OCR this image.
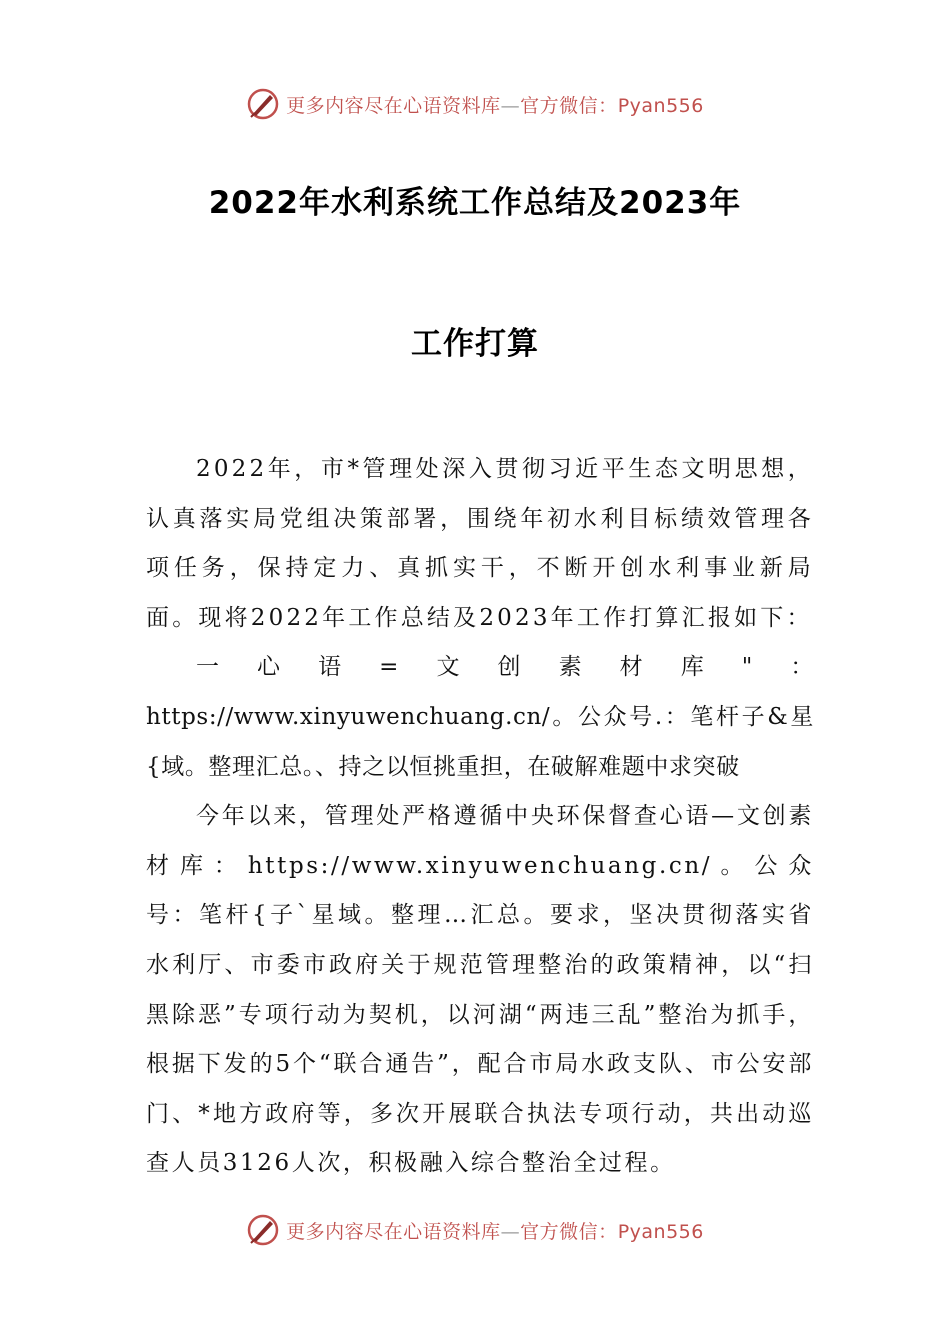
更多内容尽在心语资料库—官方微信：Pyan556
2022年水利系统工作总结及2023年
工作打算

2022年，市*管理处深入贯彻习近平生态文明思想，认真落实局党组决策部署，围绕年初水利目标绩效管理各项任务，保持定力、真抓实干，不断开创水利事业新局面。现将2022年工作总结及2023年工作打算汇报如下：

一心语=文创素材库"：https://www.xinyuwenchuang.cn/。公众号.：笔杆子&星{域。整理汇总。、持之以恒挑重担，在破解难题中求突破

今年以来，管理处严格遵循中央环保督查心语—文创素材库：https://www.xinyuwenchuang.cn/。公众号：笔杆{子`星域。整理…汇总。要求，坚决贯彻落实省水利厅、市委市政府关于规范管理整治的政策精神，以“扫黑除恶”专项行动为契机，以河湖“两违三乱”整治为抓手，根据下发的5个“联合通告”，配合市局水政支队、市公安部门、*地方政府等，多次开展联合执法专项行动，共出动巡查人员3126人次，积极融入综合整治全过程。

更多内容尽在心语资料库—官方微信：Pyan556
